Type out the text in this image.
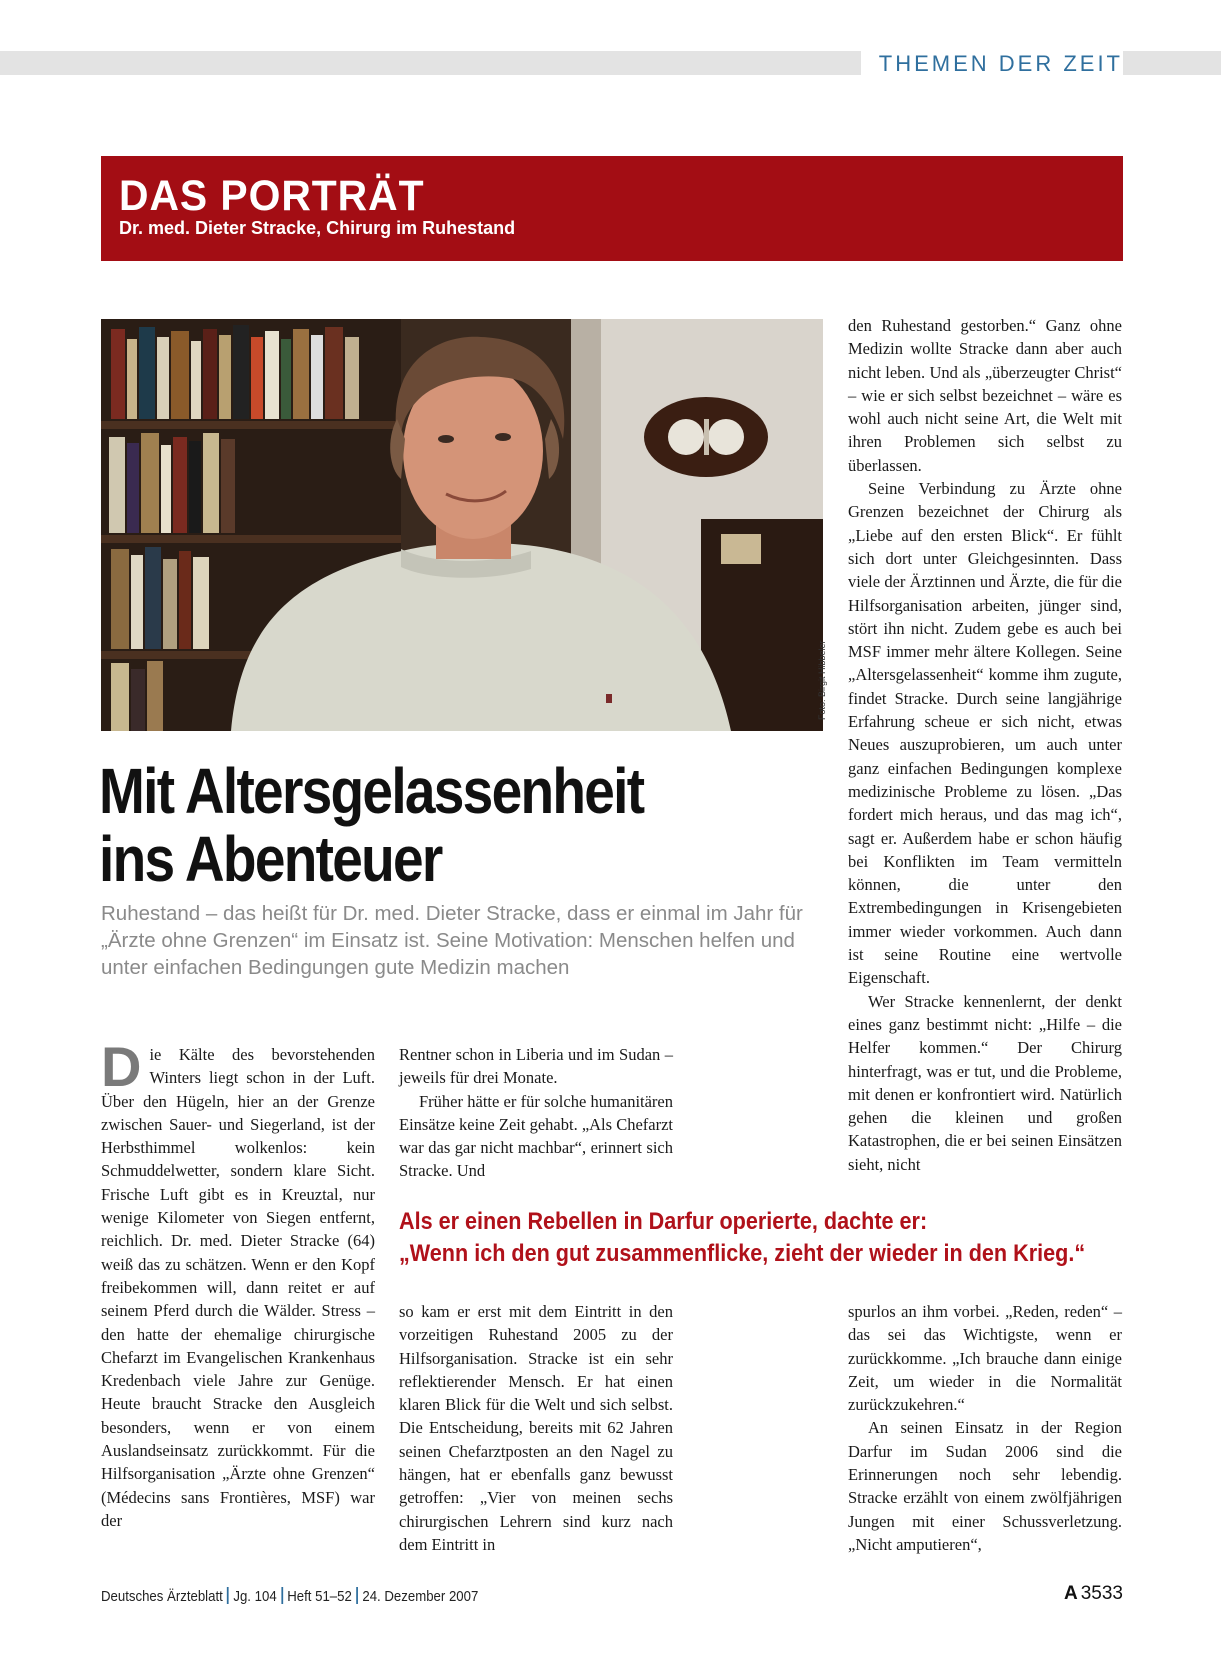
THEMEN DER ZEIT
DAS PORTRÄT
Dr. med. Dieter Stracke, Chirurg im Ruhestand
Foto: Birgit Hibbeler
Mit Altersgelassenheit
ins Abenteuer
Ruhestand – das heißt für Dr. med. Dieter Stracke, dass er einmal im Jahr für „Ärzte ohne Grenzen“ im Einsatz ist. Seine Motivation: Menschen helfen und unter einfachen Bedingungen gute Medizin machen

D ie Kälte des bevorstehenden Winters liegt schon in der Luft. Über den Hügeln, hier an der Grenze zwischen Sauer- und Siegerland, ist der Herbsthimmel wolkenlos: kein Schmuddelwetter, sondern klare Sicht. Frische Luft gibt es in Kreuztal, nur wenige Kilometer von Siegen entfernt, reichlich. Dr. med. Dieter Stracke (64) weiß das zu schätzen. Wenn er den Kopf freibekommen will, dann reitet er auf seinem Pferd durch die Wälder. Stress – den hatte der ehemalige chirurgische Chefarzt im Evangelischen Krankenhaus Kredenbach viele Jahre zur Genüge. Heute braucht Stracke den Ausgleich besonders, wenn er von einem Auslandseinsatz zurückkommt. Für die Hilfsorganisation „Ärzte ohne Grenzen“ (Médecins sans Frontières, MSF) war der

Rentner schon in Liberia und im Sudan – jeweils für drei Monate.

Früher hätte er für solche humanitären Einsätze keine Zeit gehabt. „Als Chefarzt war das gar nicht machbar“, erinnert sich Stracke. Und

Als er einen Rebellen in Darfur operierte, dachte er:
„Wenn ich den gut zusammenflicke, zieht der wieder in den Krieg.“

so kam er erst mit dem Eintritt in den vorzeitigen Ruhestand 2005 zu der Hilfsorganisation. Stracke ist ein sehr reflektierender Mensch. Er hat einen klaren Blick für die Welt und sich selbst. Die Entscheidung, bereits mit 62 Jahren seinen Chefarztposten an den Nagel zu hängen, hat er ebenfalls ganz bewusst getroffen: „Vier von meinen sechs chirurgischen Lehrern sind kurz nach dem Eintritt in

den Ruhestand gestorben.“ Ganz ohne Medizin wollte Stracke dann aber auch nicht leben. Und als „überzeugter Christ“ – wie er sich selbst bezeichnet – wäre es wohl auch nicht seine Art, die Welt mit ihren Problemen sich selbst zu überlassen.

Seine Verbindung zu Ärzte ohne Grenzen bezeichnet der Chirurg als „Liebe auf den ersten Blick“. Er fühlt sich dort unter Gleichgesinnten. Dass viele der Ärztinnen und Ärzte, die für die Hilfsorganisation arbeiten, jünger sind, stört ihn nicht. Zudem gebe es auch bei MSF immer mehr ältere Kollegen. Seine „Altersgelassenheit“ komme ihm zugute, findet Stracke. Durch seine langjährige Erfahrung scheue er sich nicht, etwas Neues auszuprobieren, um auch unter ganz einfachen Bedingungen komplexe medizinische Probleme zu lösen. „Das fordert mich heraus, und das mag ich“, sagt er. Außerdem habe er schon häufig bei Konflikten im Team vermitteln können, die unter den Extrembedingungen in Krisengebieten immer wieder vorkommen. Auch dann ist seine Routine eine wertvolle Eigenschaft.

Wer Stracke kennenlernt, der denkt eines ganz bestimmt nicht: „Hilfe – die Helfer kommen.“ Der Chirurg hinterfragt, was er tut, und die Probleme, mit denen er konfrontiert wird. Natürlich gehen die kleinen und großen Katastrophen, die er bei seinen Einsätzen sieht, nicht

spurlos an ihm vorbei. „Reden, reden“ – das sei das Wichtigste, wenn er zurückkomme. „Ich brauche dann einige Zeit, um wieder in die Normalität zurückzukehren.“

An seinen Einsatz in der Region Darfur im Sudan 2006 sind die Erinnerungen noch sehr lebendig. Stracke erzählt von einem zwölfjährigen Jungen mit einer Schussverletzung. „Nicht amputieren“,

Deutsches Ärzteblatt Jg. 104 Heft 51–52 24. Dezember 2007	A 3533
